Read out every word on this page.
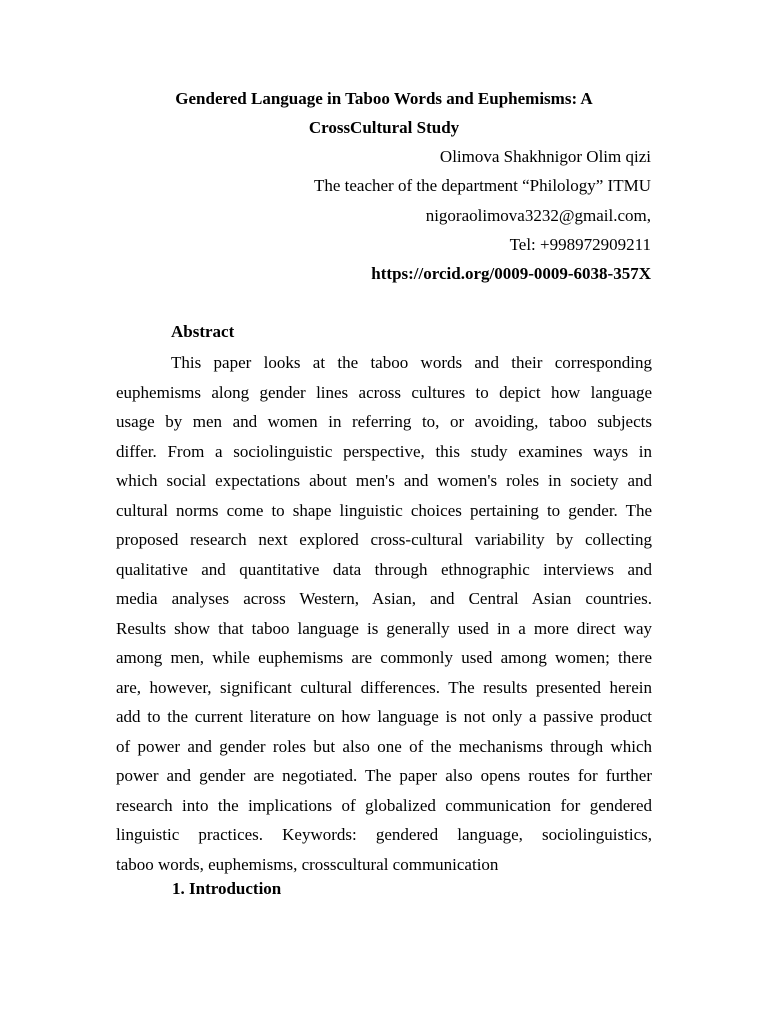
Gendered Language in Taboo Words and Euphemisms: A
CrossCultural Study

Olimova Shakhnigor Olim qizi

The teacher of the department “Philology” ITMU

nigoraolimova3232@gmail.com,

Tel: +998972909211

https://orcid.org/0009-0009-6038-357X

Abstract
This paper looks at the taboo words and their corresponding
euphemisms along gender lines across cultures to depict how language
usage by men and women in referring to, or avoiding, taboo subjects
differ. From a sociolinguistic perspective, this study examines ways in
which social expectations about men's and women's roles in society and
cultural norms come to shape linguistic choices pertaining to gender. The
proposed research next explored cross-cultural variability by collecting
qualitative and quantitative data through ethnographic interviews and
media analyses across Western, Asian, and Central Asian countries.
Results show that taboo language is generally used in a more direct way
among men, while euphemisms are commonly used among women; there
are, however, significant cultural differences. The results presented herein
add to the current literature on how language is not only a passive product
of power and gender roles but also one of the mechanisms through which
power and gender are negotiated. The paper also opens routes for further
research into the implications of globalized communication for gendered
linguistic practices. Keywords: gendered language, sociolinguistics,
taboo words, euphemisms, crosscultural communication
1. Introduction
